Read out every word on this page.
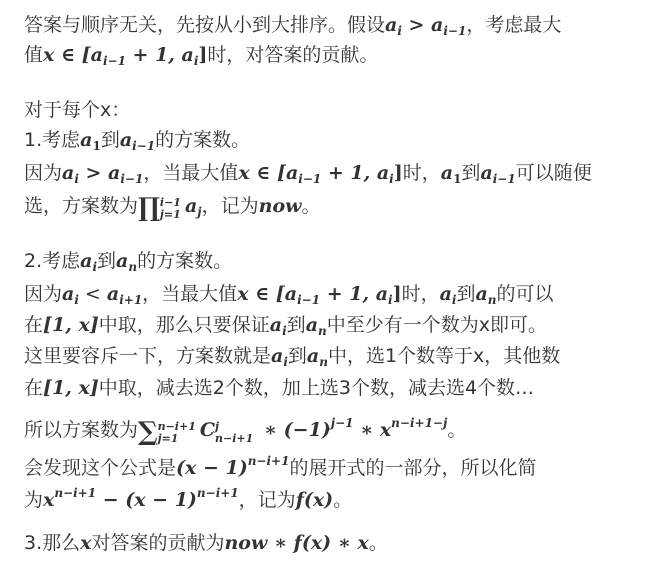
答案与顺序无关，先按从小到大排序。假设$a_i > a_{i-1}$，考虑最大
值x ∈ [$a_{i-1} + 1$, $a_i$]时，对答案的贡献。
对于每个x：
1.考虑$a_1$到$a_{i-1}$的方案数。
因为$a_i > a_{i-1}$，当最大值x ∈ [$a_{i-1} + 1$, $a_i$]时，$a_1$到$a_{i-1}$可以随便
选，方案数为∏ i−1
j=1 $a_j$，记为now。
2.考虑$a_i$到$a_n$的方案数。
因为$a_i < a_{i+1}$，当最大值x ∈ [$a_{i-1} + 1$, $a_i$]时，$a_i$到$a_n$的可以
在[1, x]中取，那么只要保证$a_i$到$a_n$中至少有一个数为x即可。
这里要容斥一下，方案数就是$a_i$到$a_n$中，选1个数等于x，其他数
在[1, x]中取，减去选2个数，加上选3个数，减去选4个数…
所以方案数为∑ n−i+1
j=1	C j
n−i+1 ∗ $(-1)^{j-1}$ ∗ $x^{n-i+1-j}$。
会发现这个公式是$(x - 1)^{n-i+1}$的展开式的一部分，所以化简
为$x^{n-i+1} - (x - 1)^{n-i+1}$，记为f(x)。
3.那么x对答案的贡献为now ∗ f(x) ∗ x。
